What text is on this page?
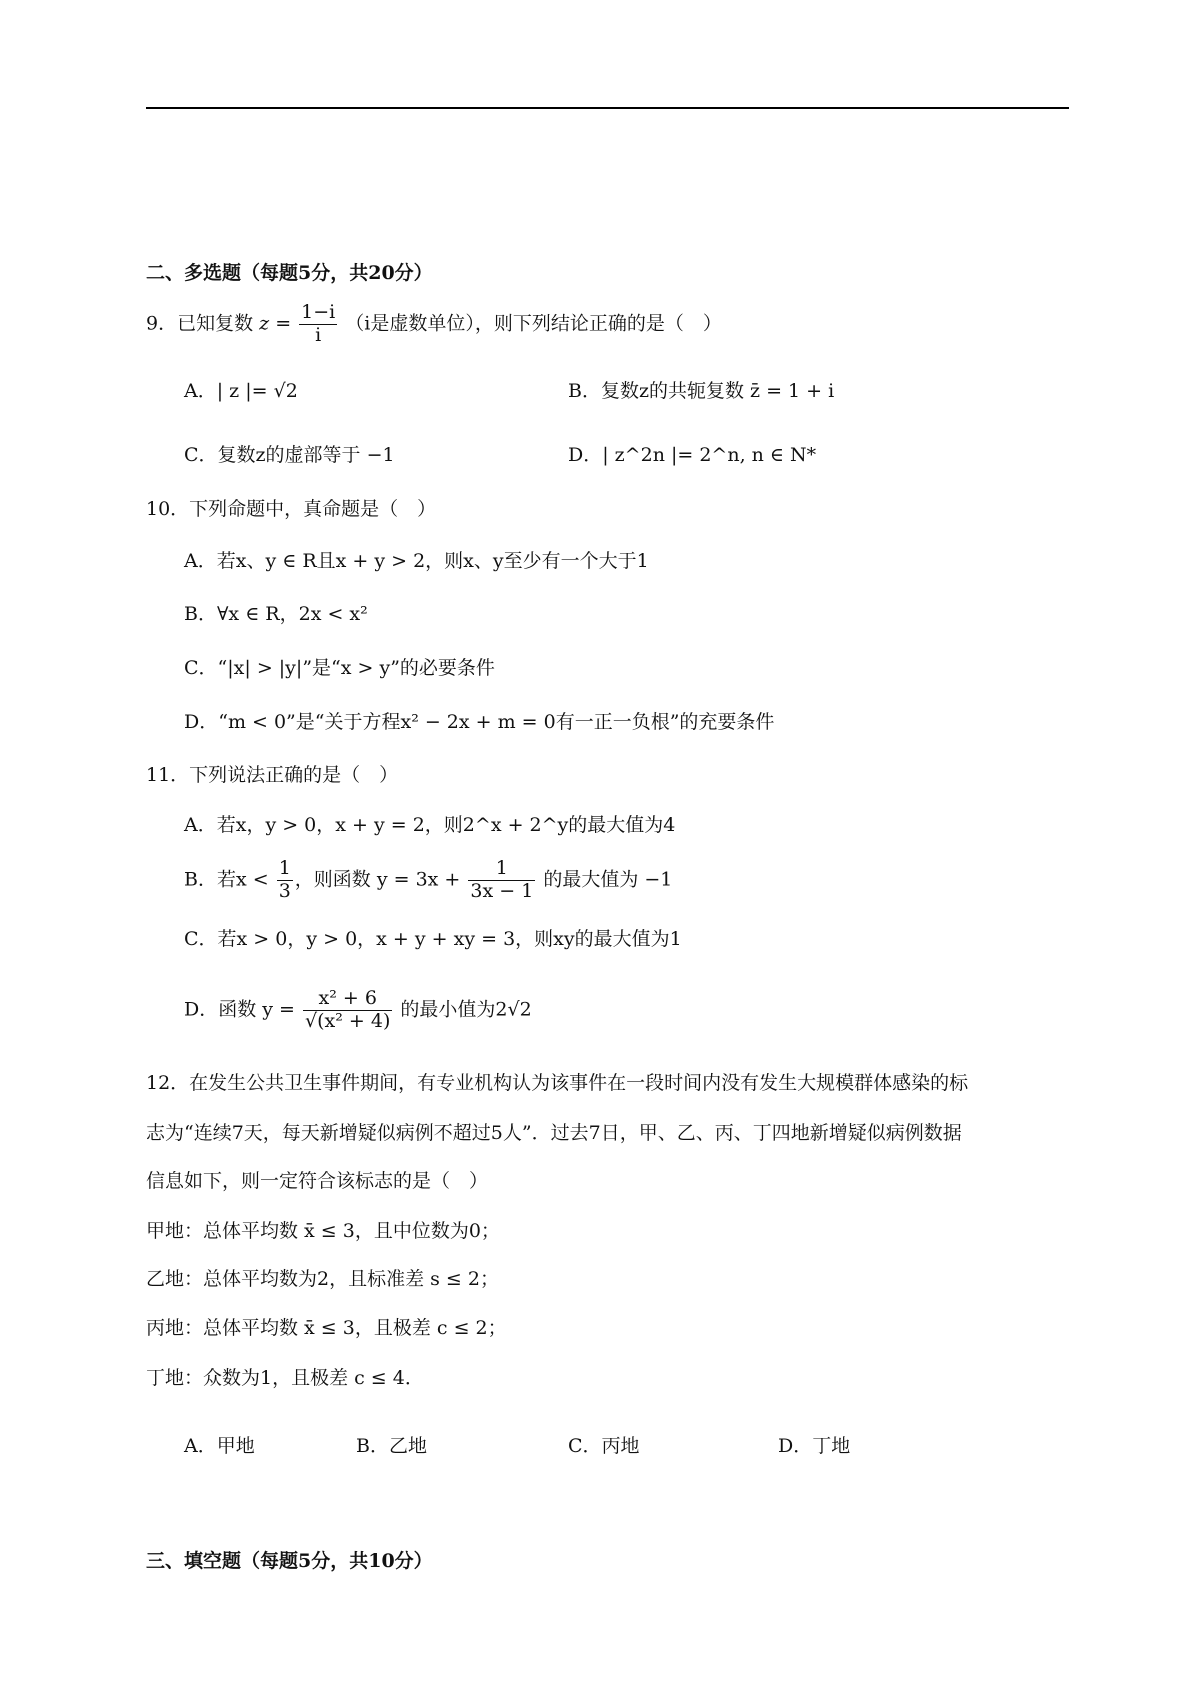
二、多选题（每题5分，共20分）
9．已知复数 $z = \frac{1-i}{i} (i$是虚数单位），则下列结论正确的是（　）
A．| z |= √2	B．复数z的共轭复数 z̄ = 1 + i
C．复数z的虚部等于 −1	D．| z^2n |= 2^n, n ∈ N*
10．下列命题中，真命题是（　）
A．若x、y ∈ R且x + y > 2，则x、y至少有一个大于1
B．∀x ∈ R，2x < x²
C．“|x| > |y|”是“x > y”的必要条件
D．“m < 0”是“关于方程x² − 2x + m = 0有一正一负根”的充要条件
11．下列说法正确的是（　）
A．若x，y > 0，x + y = 2，则2^x + 2^y的最大值为4
B．若$x < \frac{1}{3}$ ，则函数 $y = 3x + \frac{1}{3x - 1}$ 的最大值为 −1
C．若x > 0，y > 0，x + y + xy = 3，则xy的最大值为1
D．函数 $y = \frac{\text{x² + 6}}{\text{√(x² + 4)}}$ 的最小值为2√2
12．在发生公共卫生事件期间，有专业机构认为该事件在一段时间内没有发生大规模群体感染的标
志为“连续7天，每天新增疑似病例不超过5人”．过去7日，甲、乙、丙、丁四地新增疑似病例数据
信息如下，则一定符合该标志的是（　）
甲地：总体平均数 x̄ ≤ 3，且中位数为0；
乙地：总体平均数为2，且标准差 s ≤ 2；
丙地：总体平均数 x̄ ≤ 3，且极差 c ≤ 2；
丁地：众数为1，且极差 c ≤ 4．
A．甲地	B．乙地	C．丙地	D．丁地
三、填空题（每题5分，共10分）
